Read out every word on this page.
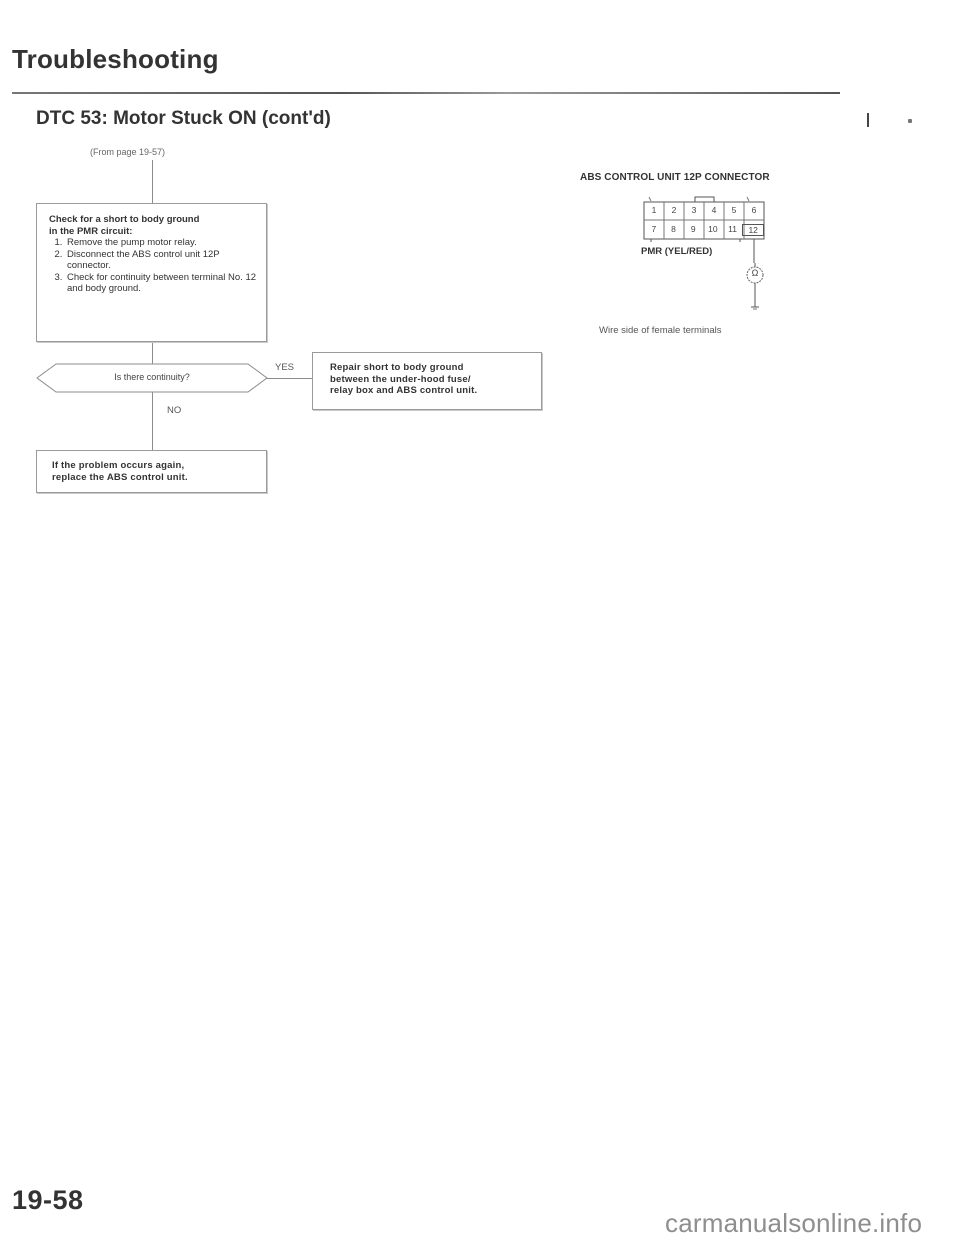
Troubleshooting
DTC 53: Motor Stuck ON (cont'd)
(From page 19-57)
Check for a short to body ground
in the PMR circuit:
1. Remove the pump motor relay.
2. Disconnect the ABS control unit 12P connector.
3. Check for continuity between terminal No. 12 and body ground.
Is there continuity?
YES
NO
Repair short to body ground
between the under-hood fuse/
relay box and ABS control unit.
If the problem occurs again,
replace the ABS control unit.
ABS CONTROL UNIT 12P CONNECTOR
1	2	3	4	5	6
7	8	9	10	11	12
PMR (YEL/RED)
Ω
Wire side of female terminals
19-58
carmanualsonline.info
